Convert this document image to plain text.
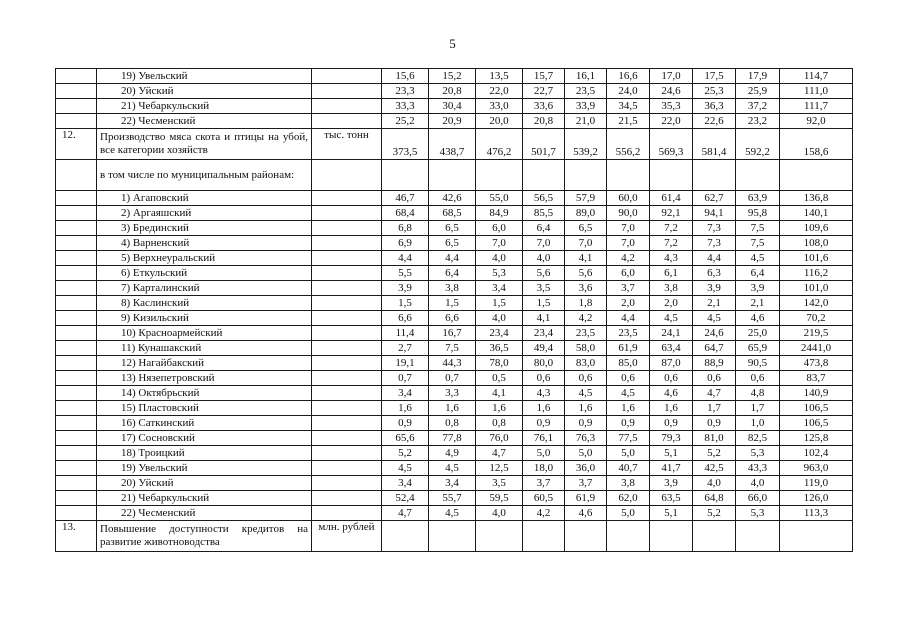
5
	19) Увельский		15,6	15,2	13,5	15,7	16,1	16,6	17,0	17,5	17,9	114,7
	20) Уйский		23,3	20,8	22,0	22,7	23,5	24,0	24,6	25,3	25,9	111,0
	21) Чебаркульский		33,3	30,4	33,0	33,6	33,9	34,5	35,3	36,3	37,2	111,7
	22) Чесменский		25,2	20,9	20,0	20,8	21,0	21,5	22,0	22,6	23,2	92,0
12.	Производство мяса скота и птицы на убой, все категории хозяйств	тыс. тонн	373,5	438,7	476,2	501,7	539,2	556,2	569,3	581,4	592,2	158,6
	в том числе по муниципальным районам:											
	1) Агаповский		46,7	42,6	55,0	56,5	57,9	60,0	61,4	62,7	63,9	136,8
	2) Аргаяшский		68,4	68,5	84,9	85,5	89,0	90,0	92,1	94,1	95,8	140,1
	3) Брединский		6,8	6,5	6,0	6,4	6,5	7,0	7,2	7,3	7,5	109,6
	4) Варненский		6,9	6,5	7,0	7,0	7,0	7,0	7,2	7,3	7,5	108,0
	5) Верхнеуральский		4,4	4,4	4,0	4,0	4,1	4,2	4,3	4,4	4,5	101,6
	6) Еткульский		5,5	6,4	5,3	5,6	5,6	6,0	6,1	6,3	6,4	116,2
	7) Карталинский		3,9	3,8	3,4	3,5	3,6	3,7	3,8	3,9	3,9	101,0
	8) Каслинский		1,5	1,5	1,5	1,5	1,8	2,0	2,0	2,1	2,1	142,0
	9) Кизильский		6,6	6,6	4,0	4,1	4,2	4,4	4,5	4,5	4,6	70,2
	10) Красноармейский		11,4	16,7	23,4	23,4	23,5	23,5	24,1	24,6	25,0	219,5
	11) Кунашакский		2,7	7,5	36,5	49,4	58,0	61,9	63,4	64,7	65,9	2441,0
	12) Нагайбакский		19,1	44,3	78,0	80,0	83,0	85,0	87,0	88,9	90,5	473,8
	13) Нязепетровский		0,7	0,7	0,5	0,6	0,6	0,6	0,6	0,6	0,6	83,7
	14) Октябрьский		3,4	3,3	4,1	4,3	4,5	4,5	4,6	4,7	4,8	140,9
	15) Пластовский		1,6	1,6	1,6	1,6	1,6	1,6	1,6	1,7	1,7	106,5
	16) Саткинский		0,9	0,8	0,8	0,9	0,9	0,9	0,9	0,9	1,0	106,5
	17) Сосновский		65,6	77,8	76,0	76,1	76,3	77,5	79,3	81,0	82,5	125,8
	18) Троицкий		5,2	4,9	4,7	5,0	5,0	5,0	5,1	5,2	5,3	102,4
	19) Увельский		4,5	4,5	12,5	18,0	36,0	40,7	41,7	42,5	43,3	963,0
	20) Уйский		3,4	3,4	3,5	3,7	3,7	3,8	3,9	4,0	4,0	119,0
	21) Чебаркульский		52,4	55,7	59,5	60,5	61,9	62,0	63,5	64,8	66,0	126,0
	22) Чесменский		4,7	4,5	4,0	4,2	4,6	5,0	5,1	5,2	5,3	113,3
13.	Повышение доступности кредитов на развитие животноводства	млн. рублей										
